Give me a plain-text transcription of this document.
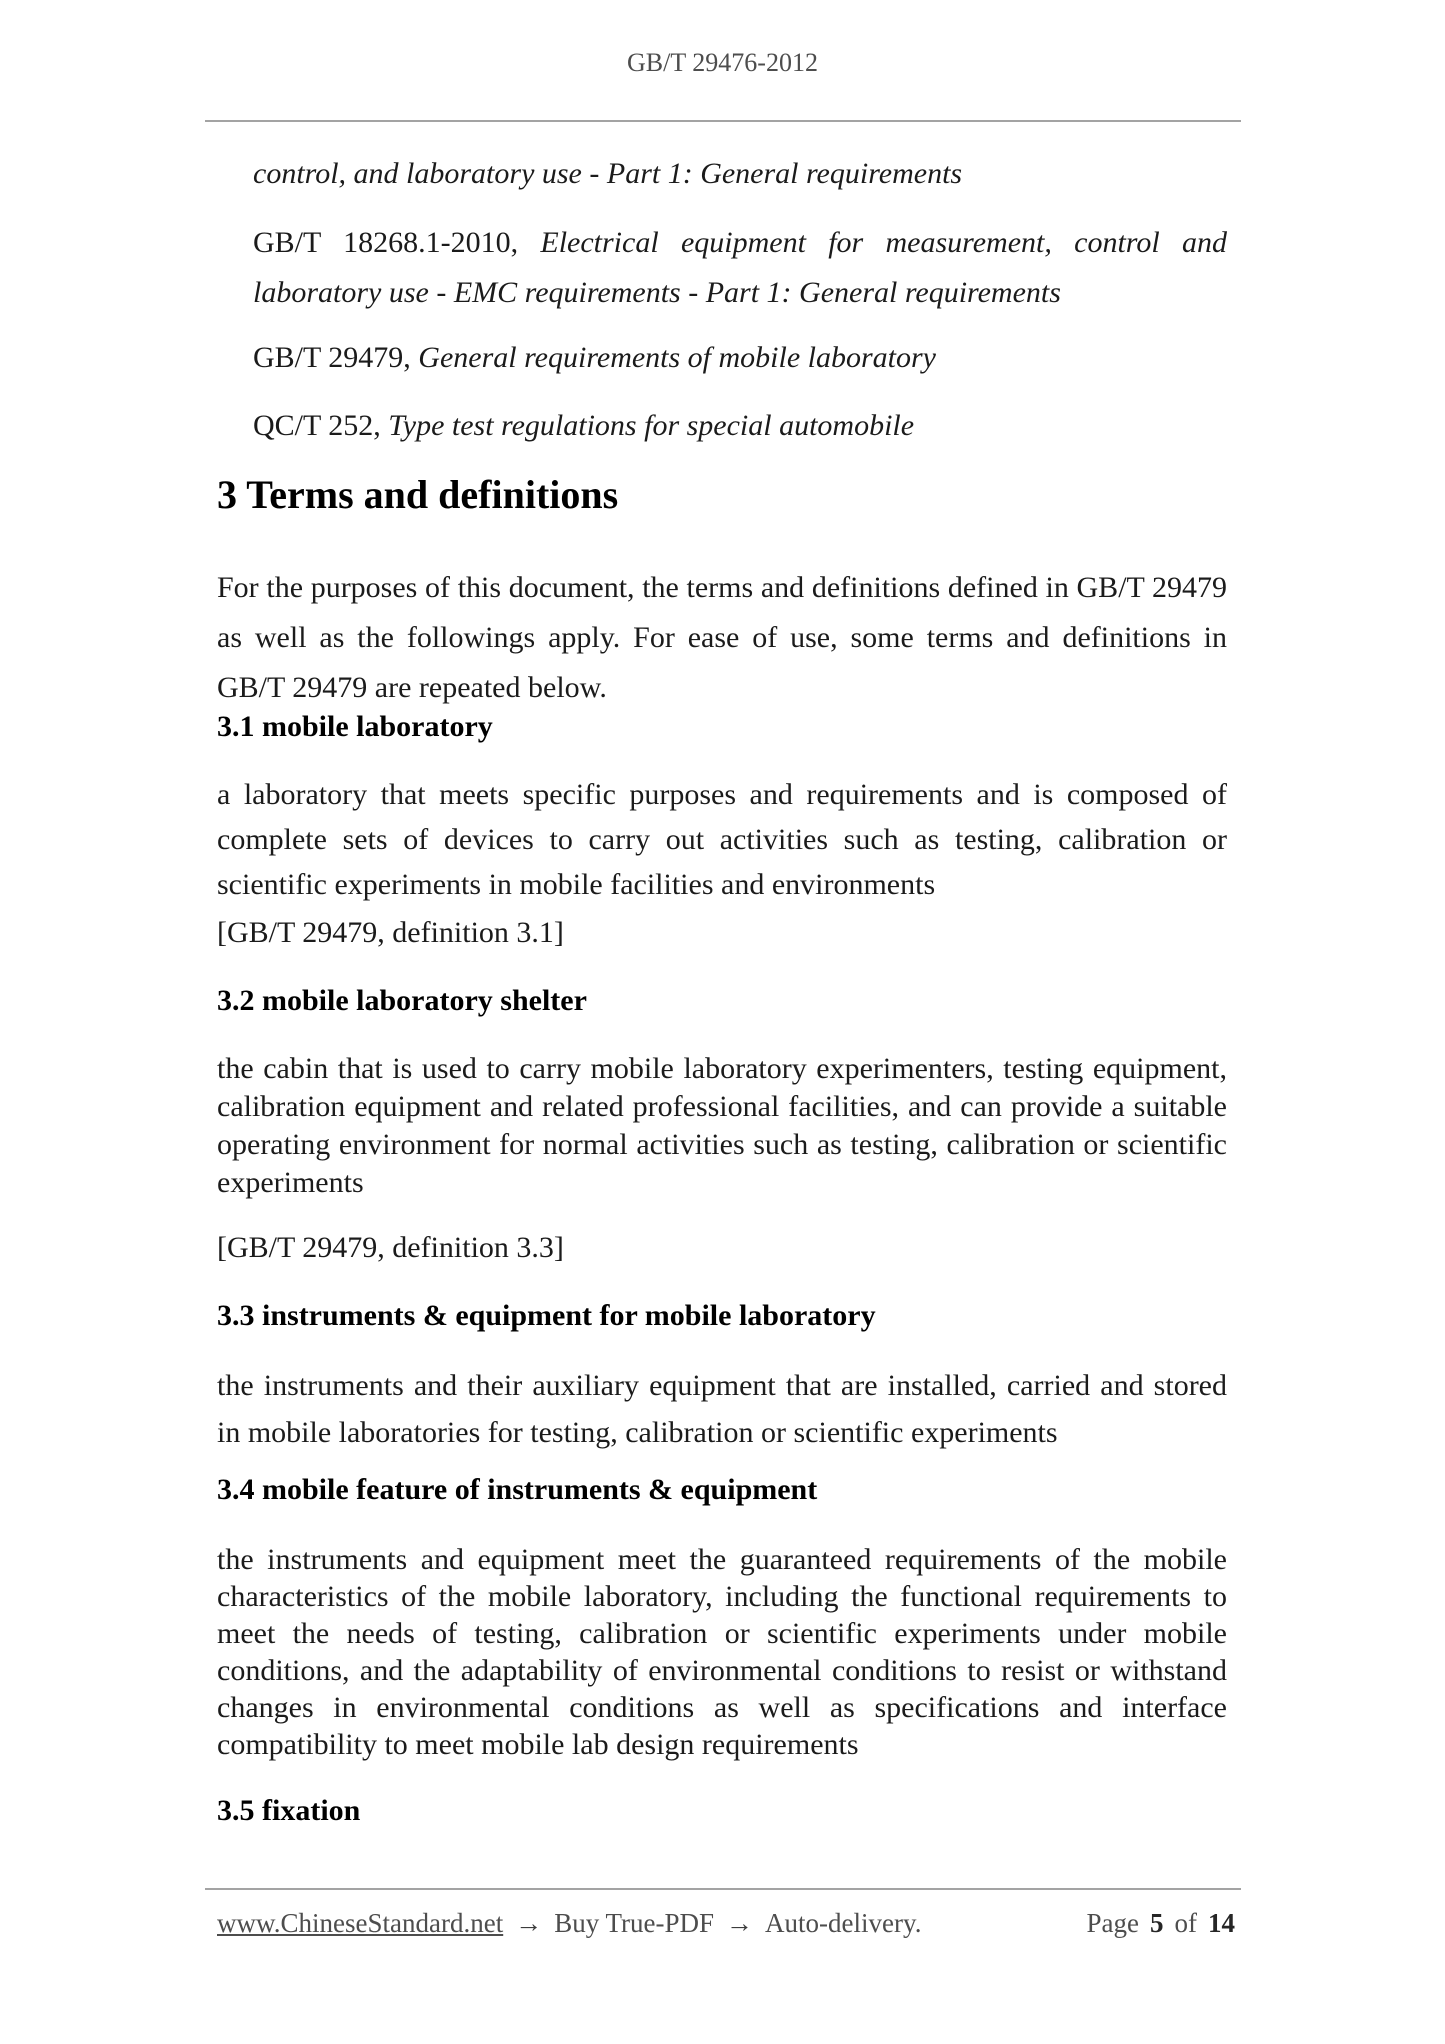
GB/T 29476-2012
control, and laboratory use - Part 1: General requirements
GB/T 18268.1-2010, Electrical equipment for measurement, control and laboratory use - EMC requirements - Part 1: General requirements
GB/T 29479, General requirements of mobile laboratory
QC/T 252, Type test regulations for special automobile
3 Terms and definitions
For the purposes of this document, the terms and definitions defined in GB/T 29479 as well as the followings apply. For ease of use, some terms and definitions in GB/T 29479 are repeated below.
3.1 mobile laboratory
a laboratory that meets specific purposes and requirements and is composed of complete sets of devices to carry out activities such as testing, calibration or scientific experiments in mobile facilities and environments
[GB/T 29479, definition 3.1]
3.2 mobile laboratory shelter
the cabin that is used to carry mobile laboratory experimenters, testing equipment, calibration equipment and related professional facilities, and can provide a suitable operating environment for normal activities such as testing, calibration or scientific experiments
[GB/T 29479, definition 3.3]
3.3 instruments & equipment for mobile laboratory
the instruments and their auxiliary equipment that are installed, carried and stored in mobile laboratories for testing, calibration or scientific experiments
3.4 mobile feature of instruments & equipment
the instruments and equipment meet the guaranteed requirements of the mobile characteristics of the mobile laboratory, including the functional requirements to meet the needs of testing, calibration or scientific experiments under mobile conditions, and the adaptability of environmental conditions to resist or withstand changes in environmental conditions as well as specifications and interface compatibility to meet mobile lab design requirements
3.5 fixation
www.ChineseStandard.net → Buy True-PDF → Auto-delivery.	Page 5 of 14
